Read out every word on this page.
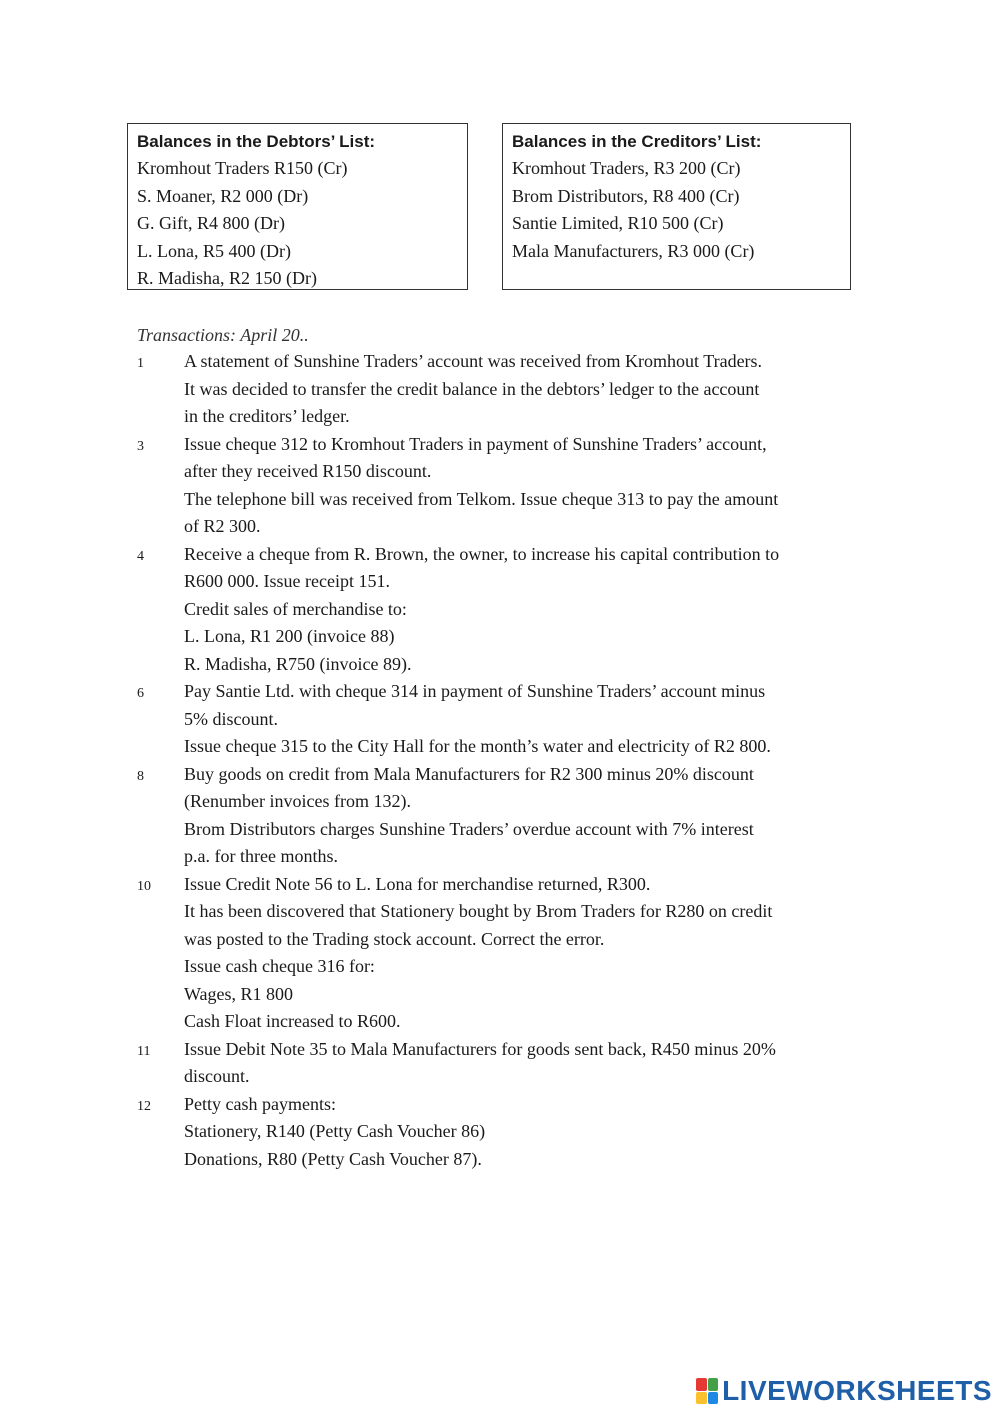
Balances in the Debtors’ List:
Kromhout Traders R150 (Cr)
S. Moaner, R2 000 (Dr)
G. Gift, R4 800 (Dr)
L. Lona, R5 400 (Dr)
R. Madisha, R2 150 (Dr)
Balances in the Creditors’ List:
Kromhout Traders, R3 200 (Cr)
Brom Distributors, R8 400 (Cr)
Santie Limited, R10 500 (Cr)
Mala Manufacturers, R3 000 (Cr)
Transactions: April 20..
1	A statement of Sunshine Traders’ account was received from Kromhout Traders.
It was decided to transfer the credit balance in the debtors’ ledger to the account
in the creditors’ ledger.
3	Issue cheque 312 to Kromhout Traders in payment of Sunshine Traders’ account,
after they received R150 discount.
The telephone bill was received from Telkom. Issue cheque 313 to pay the amount
of R2 300.
4	Receive a cheque from R. Brown, the owner, to increase his capital contribution to
R600 000. Issue receipt 151.
Credit sales of merchandise to:
L. Lona, R1 200 (invoice 88)
R. Madisha, R750 (invoice 89).
6	Pay Santie Ltd. with cheque 314 in payment of Sunshine Traders’ account minus
5% discount.
Issue cheque 315 to the City Hall for the month’s water and electricity of R2 800.
8	Buy goods on credit from Mala Manufacturers for R2 300 minus 20% discount
(Renumber invoices from 132).
Brom Distributors charges Sunshine Traders’ overdue account with 7% interest
p.a. for three months.
10	Issue Credit Note 56 to L. Lona for merchandise returned, R300.
It has been discovered that Stationery bought by Brom Traders for R280 on credit
was posted to the Trading stock account. Correct the error.
Issue cash cheque 316 for:
Wages, R1 800
Cash Float increased to R600.
11	Issue Debit Note 35 to Mala Manufacturers for goods sent back, R450 minus 20%
discount.
12	Petty cash payments:
Stationery, R140 (Petty Cash Voucher 86)
Donations, R80 (Petty Cash Voucher 87).
LIVEWORKSHEETS
